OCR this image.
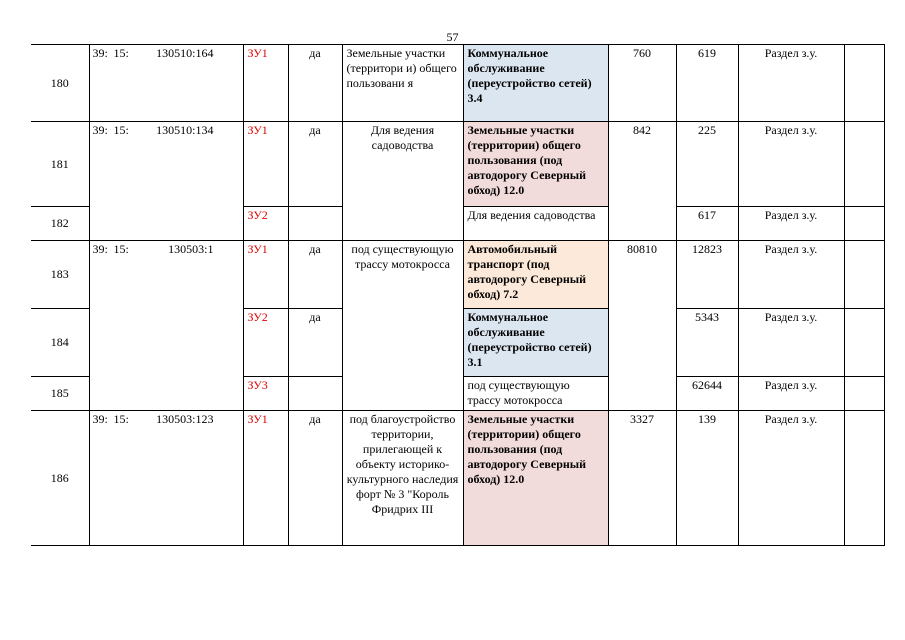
57
180	39: 15: 130510:164	ЗУ1	да	Земельные участки (территори и) общего пользовани я	Коммунальное обслуживание (переустройство сетей) 3.4	760	619	Раздел з.у.	
181	39: 15: 130510:134	ЗУ1	да	Для ведения садоводства	Земельные участки (территории) общего пользования (под автодорогу Северный обход) 12.0	842	225	Раздел з.у.	
182		ЗУ2			Для ведения садоводства		617	Раздел з.у.	
183	39: 15: 130503:1	ЗУ1	да	под существующую трассу мотокросса	Автомобильный транспорт (под автодорогу Северный обход) 7.2	80810	12823	Раздел з.у.	
184		ЗУ2	да		Коммунальное обслуживание (переустройство сетей) 3.1		5343	Раздел з.у.	
185		ЗУ3			под существующую трассу мотокросса		62644	Раздел з.у.	
186	39: 15: 130503:123	ЗУ1	да	под благоустройство территории, прилегающей к объекту историко-культурного наследия форт № 3 "Король Фридрих III	Земельные участки (территории) общего пользования (под автодорогу Северный обход) 12.0	3327	139	Раздел з.у.	
